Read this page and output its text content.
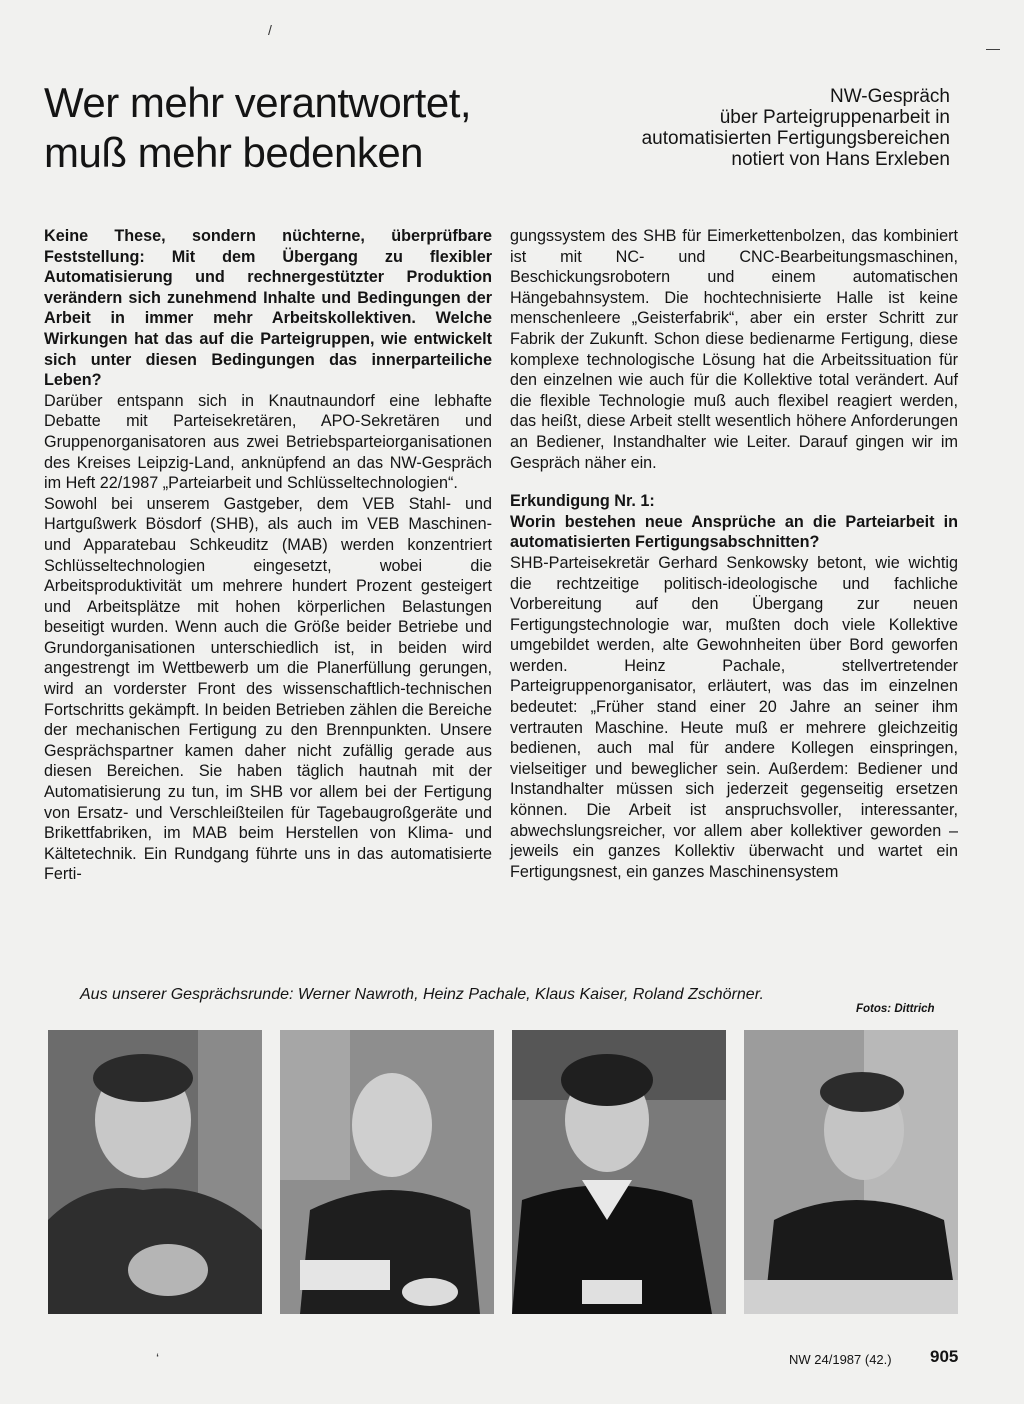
/
—
Wer mehr verantwortet,
muß mehr bedenken
NW-Gespräch
über Parteigruppenarbeit in
automatisierten Fertigungsbereichen
notiert von Hans Erxleben

Keine These, sondern nüchterne, überprüfbare Feststellung: Mit dem Übergang zu flexibler Automatisierung und rechnergestützter Produktion verändern sich zunehmend Inhalte und Bedingungen der Arbeit in immer mehr Arbeitskollektiven. Welche Wirkungen hat das auf die Parteigruppen, wie entwickelt sich unter diesen Bedingungen das innerparteiliche Leben?

Darüber entspann sich in Knautnaundorf eine lebhafte Debatte mit Parteisekretären, APO-Sekretären und Gruppenorganisatoren aus zwei Betriebsparteiorganisationen des Kreises Leipzig-Land, anknüpfend an das NW-Gespräch im Heft 22/1987 „Parteiarbeit und Schlüsseltechnologien“.

Sowohl bei unserem Gastgeber, dem VEB Stahl- und Hartgußwerk Bösdorf (SHB), als auch im VEB Maschinen- und Apparatebau Schkeuditz (MAB) werden konzentriert Schlüsseltechnologien eingesetzt, wobei die Arbeitsproduktivität um mehrere hundert Prozent gesteigert und Arbeitsplätze mit hohen körperlichen Belastungen beseitigt wurden. Wenn auch die Größe beider Betriebe und Grundorganisationen unterschiedlich ist, in beiden wird angestrengt im Wettbewerb um die Planerfüllung gerungen, wird an vorderster Front des wissenschaftlich-technischen Fortschritts gekämpft. In beiden Betrieben zählen die Bereiche der mechanischen Fertigung zu den Brennpunkten. Unsere Gesprächspartner kamen daher nicht zufällig gerade aus diesen Bereichen. Sie haben täglich hautnah mit der Automatisierung zu tun, im SHB vor allem bei der Fertigung von Ersatz- und Verschleißteilen für Tagebaugroßgeräte und Brikettfabriken, im MAB beim Herstellen von Klima- und Kältetechnik. Ein Rundgang führte uns in das automatisierte Ferti-

gungssystem des SHB für Eimerkettenbolzen, das kombiniert ist mit NC- und CNC-Bearbeitungsmaschinen, Beschickungsrobotern und einem automatischen Hängebahnsystem. Die hochtechnisierte Halle ist keine menschenleere „Geisterfabrik“, aber ein erster Schritt zur Fabrik der Zukunft. Schon diese bedienarme Fertigung, diese komplexe technologische Lösung hat die Arbeitssituation für den einzelnen wie auch für die Kollektive total verändert. Auf die flexible Technologie muß auch flexibel reagiert werden, das heißt, diese Arbeit stellt wesentlich höhere Anforderungen an Bediener, Instandhalter wie Leiter. Darauf gingen wir im Gespräch näher ein.

Erkundigung Nr. 1:

Worin bestehen neue Ansprüche an die Parteiarbeit in automatisierten Fertigungsabschnitten?

SHB-Parteisekretär Gerhard Senkowsky betont, wie wichtig die rechtzeitige politisch-ideologische und fachliche Vorbereitung auf den Übergang zur neuen Fertigungstechnologie war, mußten doch viele Kollektive umgebildet werden, alte Gewohnheiten über Bord geworfen werden. Heinz Pachale, stellvertretender Parteigruppenorganisator, erläutert, was das im einzelnen bedeutet: „Früher stand einer 20 Jahre an seiner ihm vertrauten Maschine. Heute muß er mehrere gleichzeitig bedienen, auch mal für andere Kollegen einspringen, vielseitiger und beweglicher sein. Außerdem: Bediener und Instandhalter müssen sich jederzeit gegenseitig ersetzen können. Die Arbeit ist anspruchsvoller, interessanter, abwechslungsreicher, vor allem aber kollektiver geworden – jeweils ein ganzes Kollektiv überwacht und wartet ein Fertigungsnest, ein ganzes Maschinensystem

Aus unserer Gesprächsrunde: Werner Nawroth, Heinz Pachale, Klaus Kaiser, Roland Zschörner.
Fotos: Dittrich
‘	NW 24/1987 (42.) 905
